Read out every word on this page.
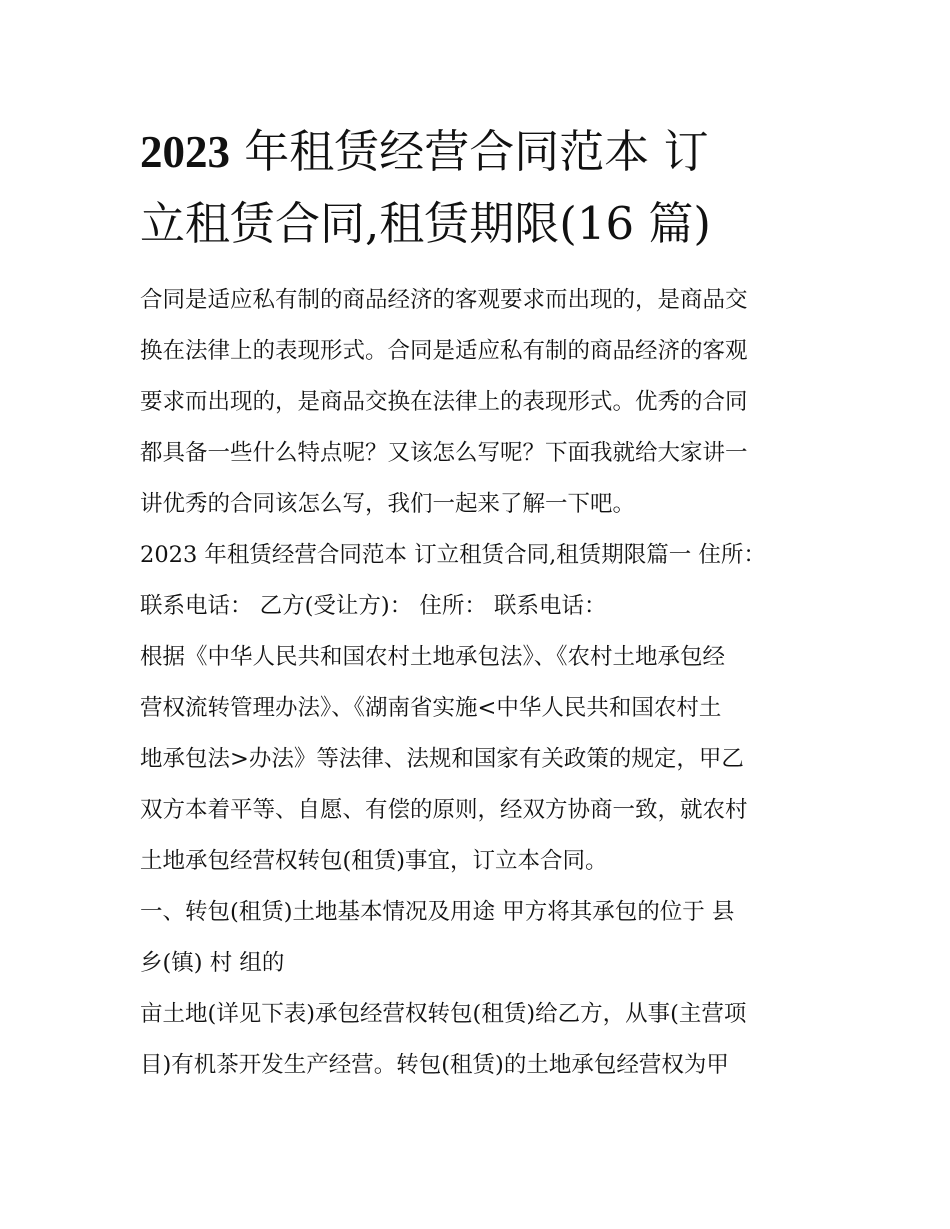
2023 年租赁经营合同范本 订
立租赁合同,租赁期限(16 篇)
合同是适应私有制的商品经济的客观要求而出现的，是商品交
换在法律上的表现形式。合同是适应私有制的商品经济的客观
要求而出现的，是商品交换在法律上的表现形式。优秀的合同
都具备一些什么特点呢？又该怎么写呢？下面我就给大家讲一
讲优秀的合同该怎么写，我们一起来了解一下吧。
2023 年租赁经营合同范本 订立租赁合同,租赁期限篇一 住所：
联系电话： 乙方(受让方)： 住所： 联系电话：
根据《中华人民共和国农村土地承包法》、《农村土地承包经
营权流转管理办法》、《湖南省实施<中华人民共和国农村土
地承包法>办法》等法律、法规和国家有关政策的规定，甲乙
双方本着平等、自愿、有偿的原则，经双方协商一致，就农村
土地承包经营权转包(租赁)事宜，订立本合同。
一、转包(租赁)土地基本情况及用途 甲方将其承包的位于 县
乡(镇) 村 组的
亩土地(详见下表)承包经营权转包(租赁)给乙方，从事(主营项
目)有机茶开发生产经营。转包(租赁)的土地承包经营权为甲
